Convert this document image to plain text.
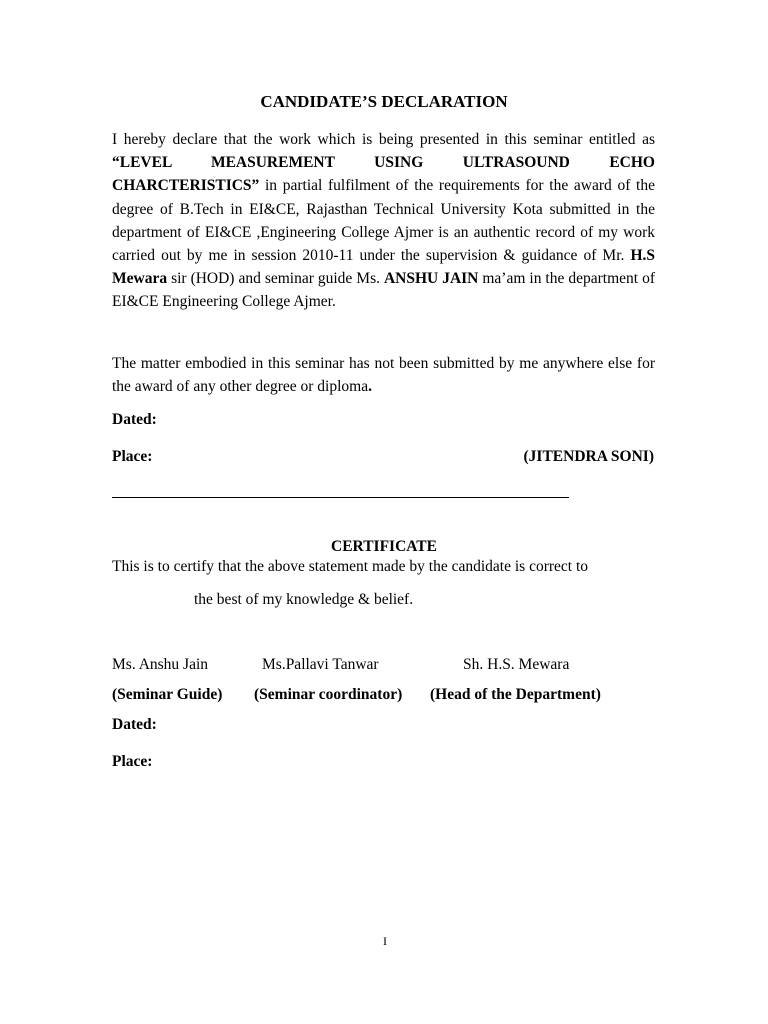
CANDIDATE’S DECLARATION

I hereby declare that the work which is being presented in this seminar entitled as “LEVEL MEASUREMENT USING ULTRASOUND ECHO CHARCTERISTICS” in partial fulfilment of the requirements for the award of the degree of B.Tech in EI&CE, Rajasthan Technical University Kota submitted in the department of EI&CE ,Engineering College Ajmer is an authentic record of my work carried out by me in session 2010-11 under the supervision & guidance of Mr. H.S Mewara sir (HOD) and seminar guide Ms. ANSHU JAIN ma’am in the department of EI&CE Engineering College Ajmer.

The matter embodied in this seminar has not been submitted by me anywhere else for the award of any other degree or diploma.

Dated:

Place:	(JITENDRA SONI)

CERTIFICATE

This is to certify that the above statement made by the candidate is correct to

the best of my knowledge & belief.

Ms. Anshu Jain	Ms.Pallavi Tanwar	Sh. H.S. Mewara

(Seminar Guide) (Seminar coordinator) (Head of the Department)

Dated:

Place:

I
